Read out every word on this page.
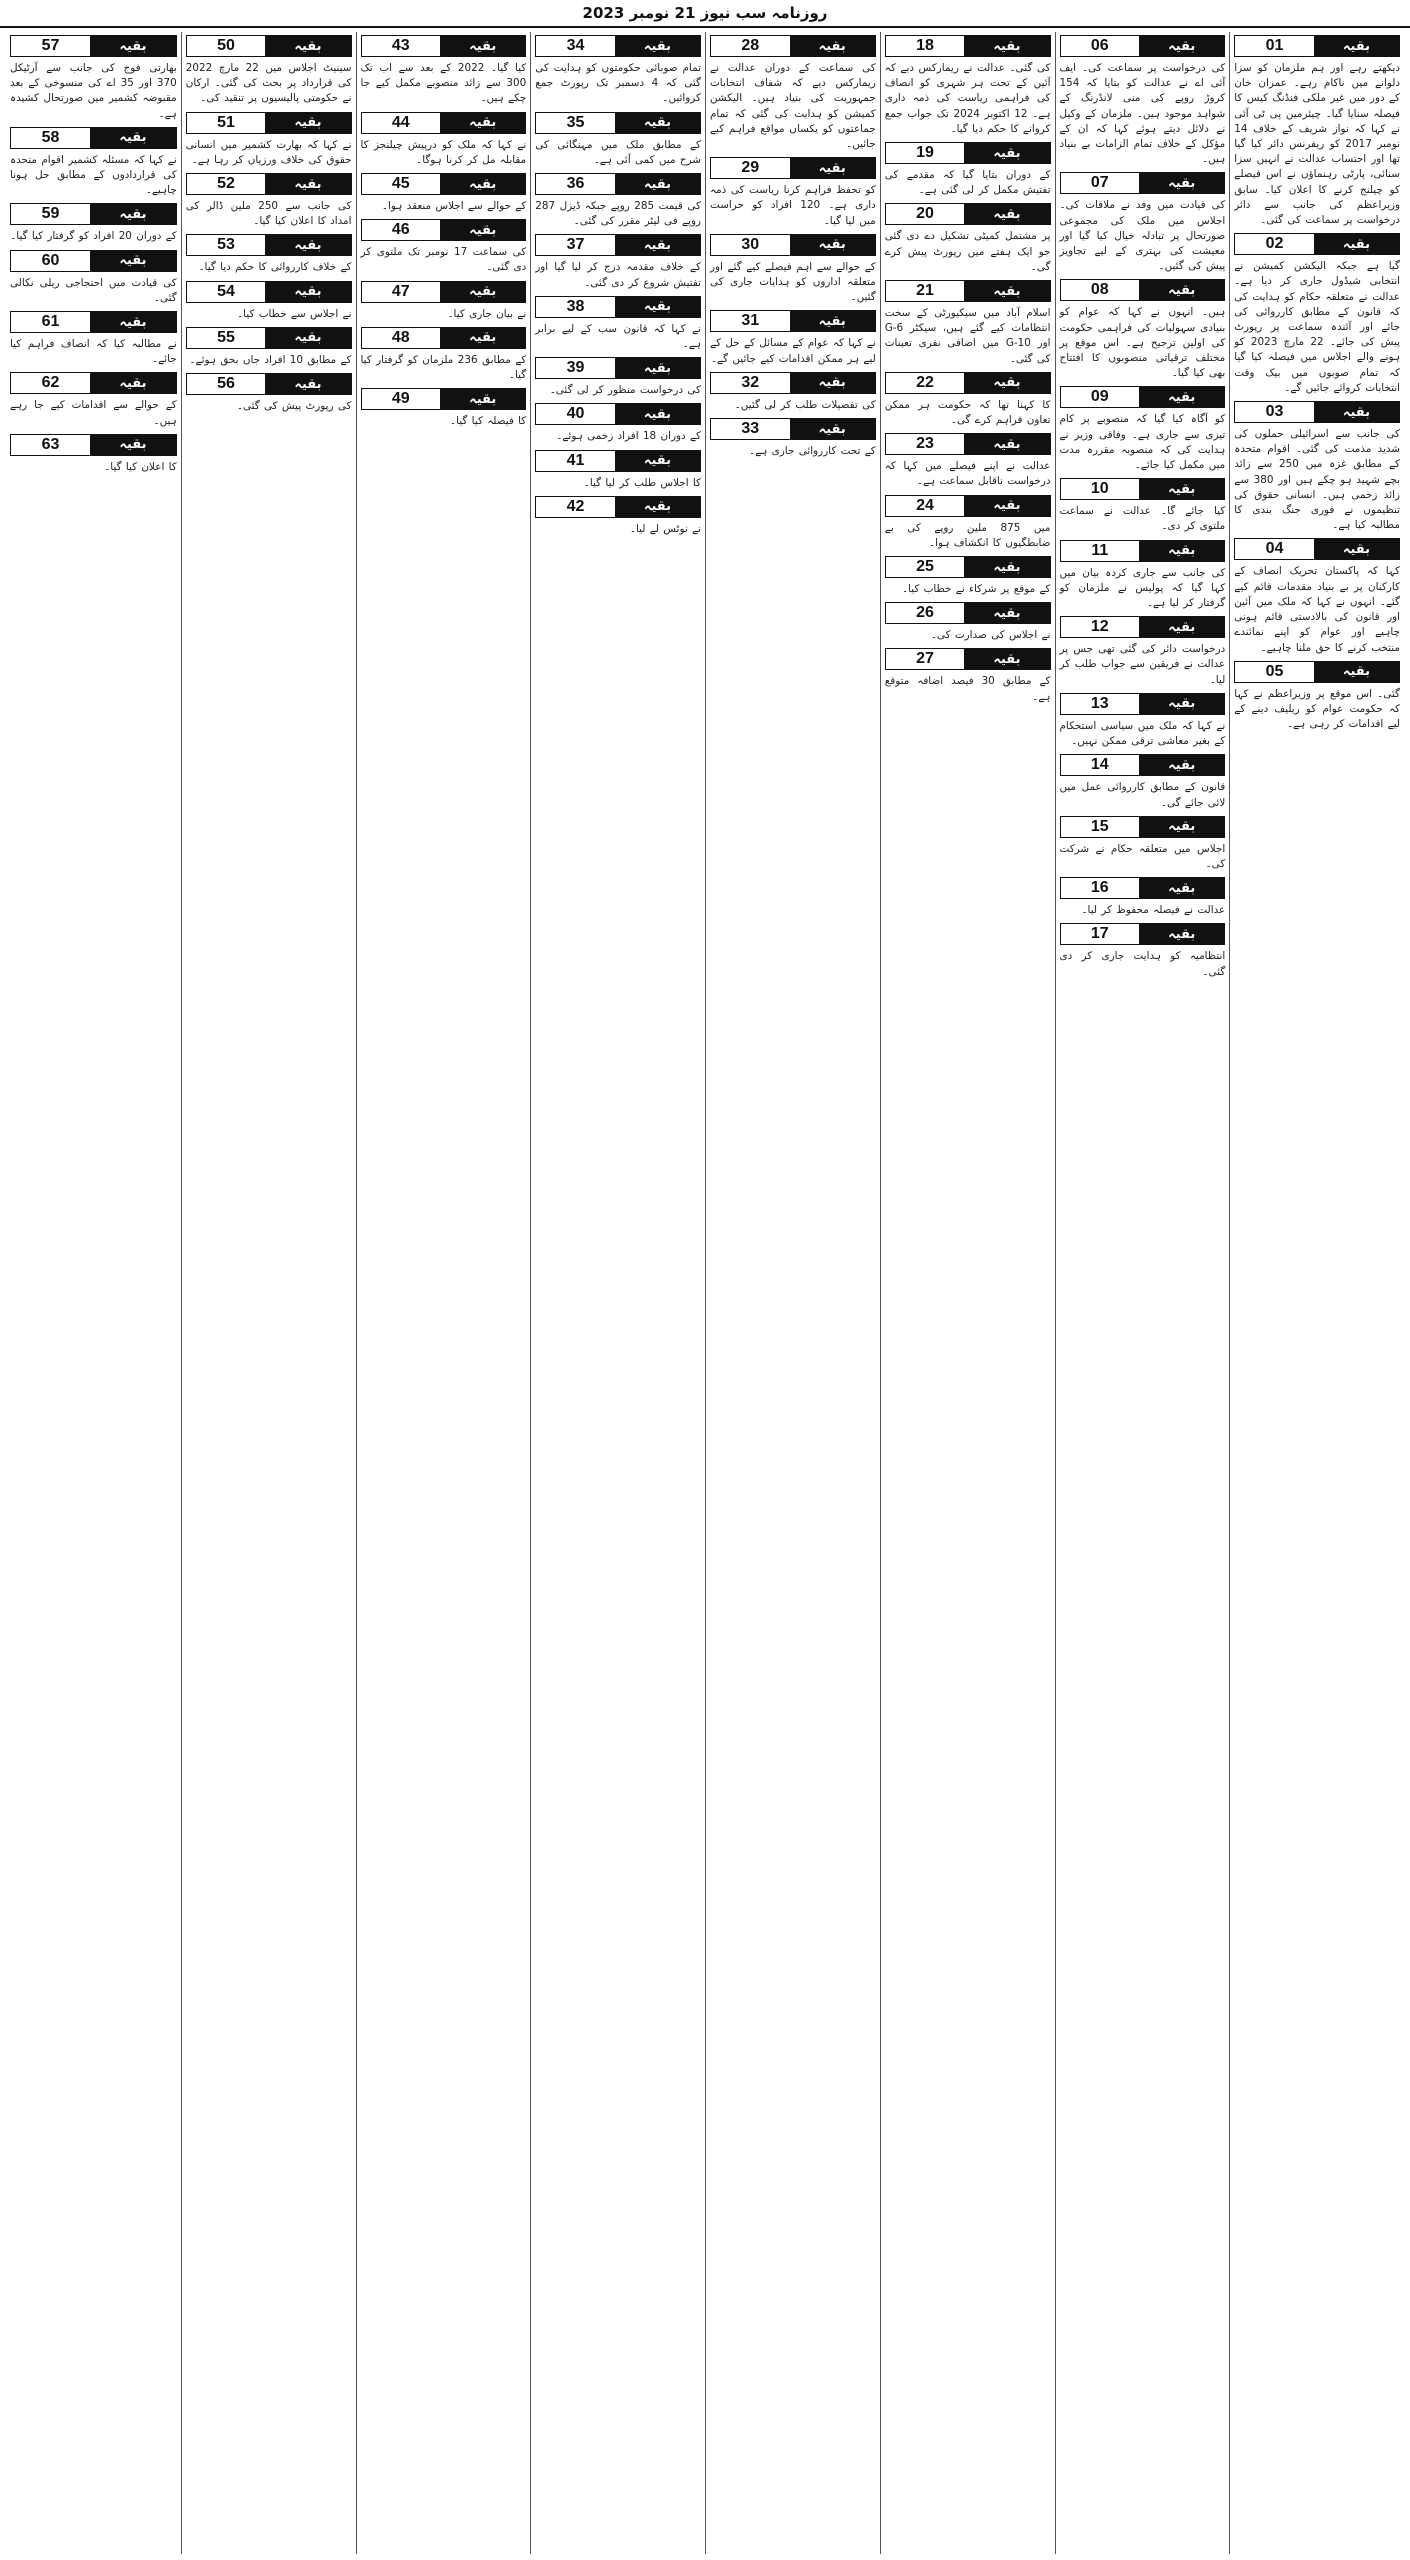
روزنامہ سب نیوز 21 نومبر 2023
بقیہ
01
دیکھتے رہے اور ہم ملزمان کو سزا دلوانے میں ناکام رہے۔ عمران خان کے دور میں غیر ملکی فنڈنگ کیس کا فیصلہ سنایا گیا۔ چیئرمین پی ٹی آئی نے کہا کہ نواز شریف کے خلاف 14 نومبر 2017 کو ریفرنس دائر کیا گیا تھا اور احتساب عدالت نے انہیں سزا سنائی، پارٹی رہنماؤں نے اس فیصلے کو چیلنج کرنے کا اعلان کیا۔ سابق وزیراعظم کی جانب سے دائر درخواست پر سماعت کی گئی۔
بقیہ
02
گیا ہے جبکہ الیکشن کمیشن نے انتخابی شیڈول جاری کر دیا ہے۔ عدالت نے متعلقہ حکام کو ہدایت کی کہ قانون کے مطابق کارروائی کی جائے اور آئندہ سماعت پر رپورٹ پیش کی جائے۔ 22 مارچ 2023 کو ہونے والے اجلاس میں فیصلہ کیا گیا کہ تمام صوبوں میں بیک وقت انتخابات کروائے جائیں گے۔
بقیہ
03
کی جانب سے اسرائیلی حملوں کی شدید مذمت کی گئی۔ اقوام متحدہ کے مطابق غزہ میں 250 سے زائد بچے شہید ہو چکے ہیں اور 380 سے زائد زخمی ہیں۔ انسانی حقوق کی تنظیموں نے فوری جنگ بندی کا مطالبہ کیا ہے۔
بقیہ
04
کہا کہ پاکستان تحریک انصاف کے کارکنان پر بے بنیاد مقدمات قائم کیے گئے۔ انہوں نے کہا کہ ملک میں آئین اور قانون کی بالادستی قائم ہونی چاہیے اور عوام کو اپنے نمائندے منتخب کرنے کا حق ملنا چاہیے۔
بقیہ
05
گئی۔ اس موقع پر وزیراعظم نے کہا کہ حکومت عوام کو ریلیف دینے کے لیے اقدامات کر رہی ہے۔
بقیہ
06
کی درخواست پر سماعت کی۔ ایف آئی اے نے عدالت کو بتایا کہ 154 کروڑ روپے کی منی لانڈرنگ کے شواہد موجود ہیں۔ ملزمان کے وکیل نے دلائل دیتے ہوئے کہا کہ ان کے مؤکل کے خلاف تمام الزامات بے بنیاد ہیں۔
بقیہ
07
کی قیادت میں وفد نے ملاقات کی۔ اجلاس میں ملک کی مجموعی صورتحال پر تبادلہ خیال کیا گیا اور معیشت کی بہتری کے لیے تجاویز پیش کی گئیں۔
بقیہ
08
ہیں۔ انہوں نے کہا کہ عوام کو بنیادی سہولیات کی فراہمی حکومت کی اولین ترجیح ہے۔ اس موقع پر مختلف ترقیاتی منصوبوں کا افتتاح بھی کیا گیا۔
بقیہ
09
کو آگاہ کیا گیا کہ منصوبے پر کام تیزی سے جاری ہے۔ وفاقی وزیر نے ہدایت کی کہ منصوبہ مقررہ مدت میں مکمل کیا جائے۔
بقیہ
10
کیا جائے گا۔ عدالت نے سماعت ملتوی کر دی۔
بقیہ
11
کی جانب سے جاری کردہ بیان میں کہا گیا کہ پولیس نے ملزمان کو گرفتار کر لیا ہے۔
بقیہ
12
درخواست دائر کی گئی تھی جس پر عدالت نے فریقین سے جواب طلب کر لیا۔
بقیہ
13
نے کہا کہ ملک میں سیاسی استحکام کے بغیر معاشی ترقی ممکن نہیں۔
بقیہ
14
قانون کے مطابق کارروائی عمل میں لائی جائے گی۔
بقیہ
15
اجلاس میں متعلقہ حکام نے شرکت کی۔
بقیہ
16
عدالت نے فیصلہ محفوظ کر لیا۔
بقیہ
17
انتظامیہ کو ہدایت جاری کر دی گئی۔
بقیہ
18
کی گئی۔ عدالت نے ریمارکس دیے کہ آئین کے تحت ہر شہری کو انصاف کی فراہمی ریاست کی ذمہ داری ہے۔ 12 اکتوبر 2024 تک جواب جمع کروانے کا حکم دیا گیا۔
بقیہ
19
کے دوران بتایا گیا کہ مقدمے کی تفتیش مکمل کر لی گئی ہے۔
بقیہ
20
پر مشتمل کمیٹی تشکیل دے دی گئی جو ایک ہفتے میں رپورٹ پیش کرے گی۔
بقیہ
21
اسلام آباد میں سیکیورٹی کے سخت انتظامات کیے گئے ہیں، سیکٹر G-6 اور G-10 میں اضافی نفری تعینات کی گئی۔
بقیہ
22
کا کہنا تھا کہ حکومت ہر ممکن تعاون فراہم کرے گی۔
بقیہ
23
عدالت نے اپنے فیصلے میں کہا کہ درخواست ناقابل سماعت ہے۔
بقیہ
24
میں 875 ملین روپے کی بے ضابطگیوں کا انکشاف ہوا۔
بقیہ
25
کے موقع پر شرکاء نے خطاب کیا۔
بقیہ
26
نے اجلاس کی صدارت کی۔
بقیہ
27
کے مطابق 30 فیصد اضافہ متوقع ہے۔
بقیہ
28
کی سماعت کے دوران عدالت نے ریمارکس دیے کہ شفاف انتخابات جمہوریت کی بنیاد ہیں۔ الیکشن کمیشن کو ہدایت کی گئی کہ تمام جماعتوں کو یکساں مواقع فراہم کیے جائیں۔
بقیہ
29
کو تحفظ فراہم کرنا ریاست کی ذمہ داری ہے۔ 120 افراد کو حراست میں لیا گیا۔
بقیہ
30
کے حوالے سے اہم فیصلے کیے گئے اور متعلقہ اداروں کو ہدایات جاری کی گئیں۔
بقیہ
31
نے کہا کہ عوام کے مسائل کے حل کے لیے ہر ممکن اقدامات کیے جائیں گے۔
بقیہ
32
کی تفصیلات طلب کر لی گئیں۔
بقیہ
33
کے تحت کارروائی جاری ہے۔
بقیہ
34
تمام صوبائی حکومتوں کو ہدایت کی گئی کہ 4 دسمبر تک رپورٹ جمع کروائیں۔
بقیہ
35
کے مطابق ملک میں مہنگائی کی شرح میں کمی آئی ہے۔
بقیہ
36
کی قیمت 285 روپے جبکہ ڈیزل 287 روپے فی لیٹر مقرر کی گئی۔
بقیہ
37
کے خلاف مقدمہ درج کر لیا گیا اور تفتیش شروع کر دی گئی۔
بقیہ
38
نے کہا کہ قانون سب کے لیے برابر ہے۔
بقیہ
39
کی درخواست منظور کر لی گئی۔
بقیہ
40
کے دوران 18 افراد زخمی ہوئے۔
بقیہ
41
کا اجلاس طلب کر لیا گیا۔
بقیہ
42
نے نوٹس لے لیا۔
بقیہ
43
کیا گیا۔ 2022 کے بعد سے اب تک 300 سے زائد منصوبے مکمل کیے جا چکے ہیں۔
بقیہ
44
نے کہا کہ ملک کو درپیش چیلنجز کا مقابلہ مل کر کرنا ہوگا۔
بقیہ
45
کے حوالے سے اجلاس منعقد ہوا۔
بقیہ
46
کی سماعت 17 نومبر تک ملتوی کر دی گئی۔
بقیہ
47
نے بیان جاری کیا۔
بقیہ
48
کے مطابق 236 ملزمان کو گرفتار کیا گیا۔
بقیہ
49
کا فیصلہ کیا گیا۔
بقیہ
50
سینیٹ اجلاس میں 22 مارچ 2022 کی قرارداد پر بحث کی گئی۔ ارکان نے حکومتی پالیسیوں پر تنقید کی۔
بقیہ
51
نے کہا کہ بھارت کشمیر میں انسانی حقوق کی خلاف ورزیاں کر رہا ہے۔
بقیہ
52
کی جانب سے 250 ملین ڈالر کی امداد کا اعلان کیا گیا۔
بقیہ
53
کے خلاف کارروائی کا حکم دیا گیا۔
بقیہ
54
نے اجلاس سے خطاب کیا۔
بقیہ
55
کے مطابق 10 افراد جاں بحق ہوئے۔
بقیہ
56
کی رپورٹ پیش کی گئی۔
بقیہ
57
بھارتی فوج کی جانب سے آرٹیکل 370 اور 35 اے کی منسوخی کے بعد مقبوضہ کشمیر میں صورتحال کشیدہ ہے۔
بقیہ
58
نے کہا کہ مسئلہ کشمیر اقوام متحدہ کی قراردادوں کے مطابق حل ہونا چاہیے۔
بقیہ
59
کے دوران 20 افراد کو گرفتار کیا گیا۔
بقیہ
60
کی قیادت میں احتجاجی ریلی نکالی گئی۔
بقیہ
61
نے مطالبہ کیا کہ انصاف فراہم کیا جائے۔
بقیہ
62
کے حوالے سے اقدامات کیے جا رہے ہیں۔
بقیہ
63
کا اعلان کیا گیا۔
